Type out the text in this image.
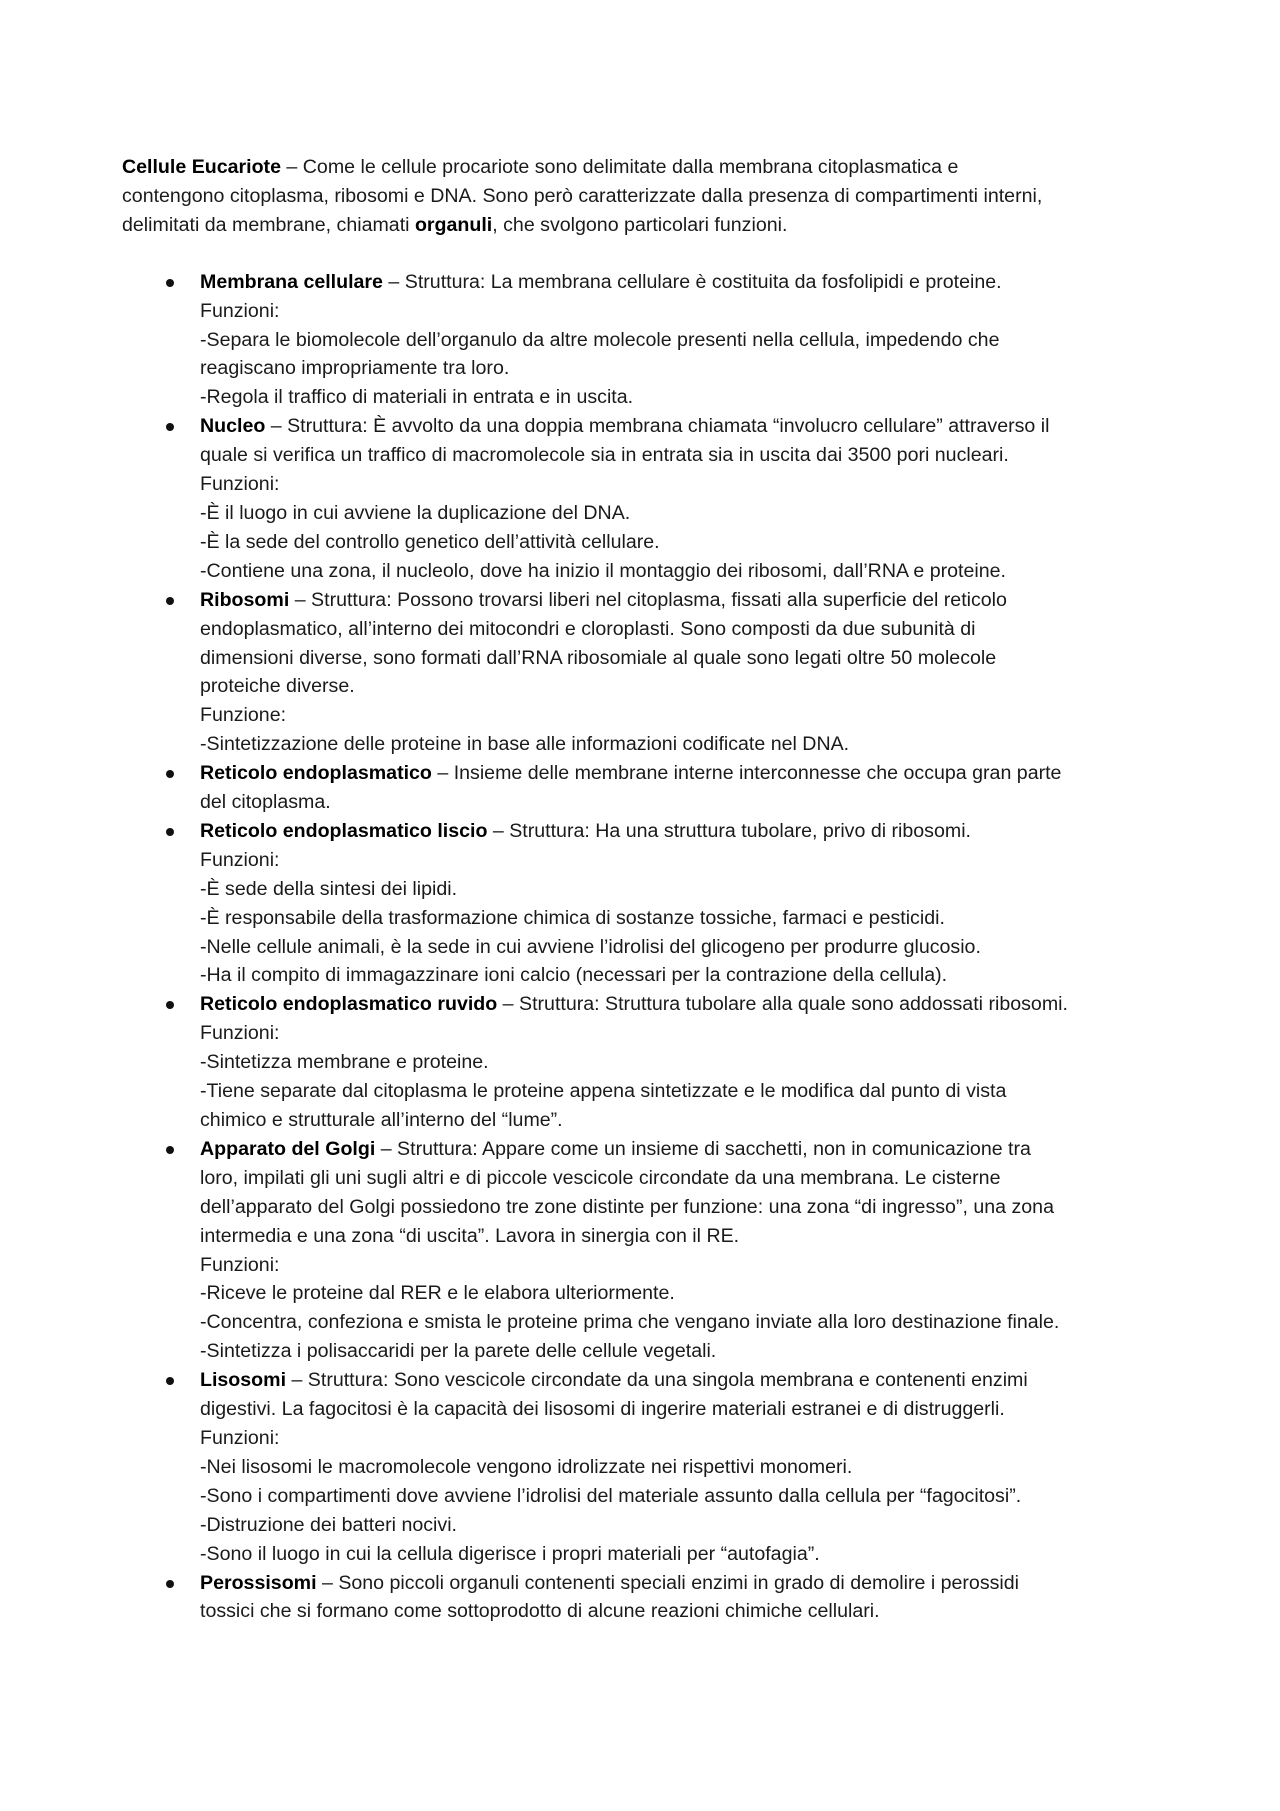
Cellule Eucariote – Come le cellule procariote sono delimitate dalla membrana citoplasmatica e
contengono citoplasma, ribosomi e DNA. Sono però caratterizzate dalla presenza di compartimenti interni,
delimitati da membrane, chiamati organuli, che svolgono particolari funzioni.

Membrana cellulare – Struttura: La membrana cellulare è costituita da fosfolipidi e proteine.
Funzioni:
-Separa le biomolecole dell’organulo da altre molecole presenti nella cellula, impedendo che
reagiscano impropriamente tra loro.
-Regola il traffico di materiali in entrata e in uscita.
Nucleo – Struttura: È avvolto da una doppia membrana chiamata “involucro cellulare” attraverso il
quale si verifica un traffico di macromolecole sia in entrata sia in uscita dai 3500 pori nucleari.
Funzioni:
-È il luogo in cui avviene la duplicazione del DNA.
-È la sede del controllo genetico dell’attività cellulare.
-Contiene una zona, il nucleolo, dove ha inizio il montaggio dei ribosomi, dall’RNA e proteine.
Ribosomi – Struttura: Possono trovarsi liberi nel citoplasma, fissati alla superficie del reticolo
endoplasmatico, all’interno dei mitocondri e cloroplasti. Sono composti da due subunità di
dimensioni diverse, sono formati dall’RNA ribosomiale al quale sono legati oltre 50 molecole
proteiche diverse.
Funzione:
-Sintetizzazione delle proteine in base alle informazioni codificate nel DNA.
Reticolo endoplasmatico – Insieme delle membrane interne interconnesse che occupa gran parte
del citoplasma.
Reticolo endoplasmatico liscio – Struttura: Ha una struttura tubolare, privo di ribosomi.
Funzioni:
-È sede della sintesi dei lipidi.
-È responsabile della trasformazione chimica di sostanze tossiche, farmaci e pesticidi.
-Nelle cellule animali, è la sede in cui avviene l’idrolisi del glicogeno per produrre glucosio.
-Ha il compito di immagazzinare ioni calcio (necessari per la contrazione della cellula).
Reticolo endoplasmatico ruvido – Struttura: Struttura tubolare alla quale sono addossati ribosomi.
Funzioni:
-Sintetizza membrane e proteine.
-Tiene separate dal citoplasma le proteine appena sintetizzate e le modifica dal punto di vista
chimico e strutturale all’interno del “lume”.
Apparato del Golgi – Struttura: Appare come un insieme di sacchetti, non in comunicazione tra
loro, impilati gli uni sugli altri e di piccole vescicole circondate da una membrana. Le cisterne
dell’apparato del Golgi possiedono tre zone distinte per funzione: una zona “di ingresso”, una zona
intermedia e una zona “di uscita”. Lavora in sinergia con il RE.
Funzioni:
-Riceve le proteine dal RER e le elabora ulteriormente.
-Concentra, confeziona e smista le proteine prima che vengano inviate alla loro destinazione finale.
-Sintetizza i polisaccaridi per la parete delle cellule vegetali.
Lisosomi – Struttura: Sono vescicole circondate da una singola membrana e contenenti enzimi
digestivi. La fagocitosi è la capacità dei lisosomi di ingerire materiali estranei e di distruggerli.
Funzioni:
-Nei lisosomi le macromolecole vengono idrolizzate nei rispettivi monomeri.
-Sono i compartimenti dove avviene l’idrolisi del materiale assunto dalla cellula per “fagocitosi”.
-Distruzione dei batteri nocivi.
-Sono il luogo in cui la cellula digerisce i propri materiali per “autofagia”.
Perossisomi – Sono piccoli organuli contenenti speciali enzimi in grado di demolire i perossidi
tossici che si formano come sottoprodotto di alcune reazioni chimiche cellulari.
